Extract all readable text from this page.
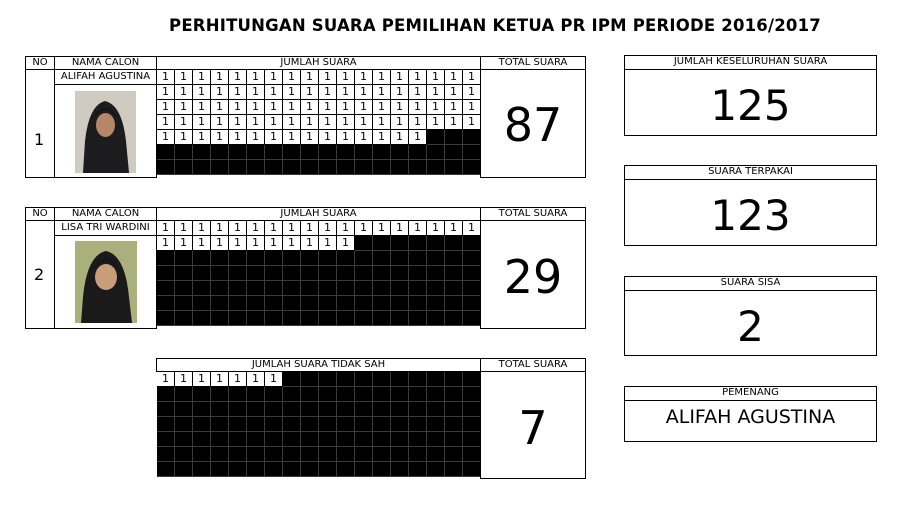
PERHITUNGAN SUARA PEMILIHAN KETUA PR IPM PERIODE 2016/2017
NO	NAMA CALON	JUMLAH SUARA	TOTAL SUARA
1
ALIFAH AGUSTINA	1	1	1	1	1	1	1	1	1	1	1	1	1	1	1	1	1	1
1	1	1	1	1	1	1	1	1	1	1	1	1	1	1	1	1	1
1	1	1	1	1	1	1	1	1	1	1	1	1	1	1	1	1	1
1	1	1	1	1	1	1	1	1	1	1	1	1	1	1	1	1	1
1	1	1	1	1	1	1	1	1	1	1	1	1	1	1	87
NO	NAMA CALON	JUMLAH SUARA	TOTAL SUARA
2
LISA TRI WARDINI	1	1	1	1	1	1	1	1	1	1	1	1	1	1	1	1	1	1
1	1	1	1	1	1	1	1	1	1	1
29
JUMLAH SUARA TIDAK SAH	TOTAL SUARA
1	1	1	1	1	1	1
7
JUMLAH KESELURUHAN SUARA
125
SUARA TERPAKAI
123
SUARA SISA
2
PEMENANG
ALIFAH AGUSTINA
